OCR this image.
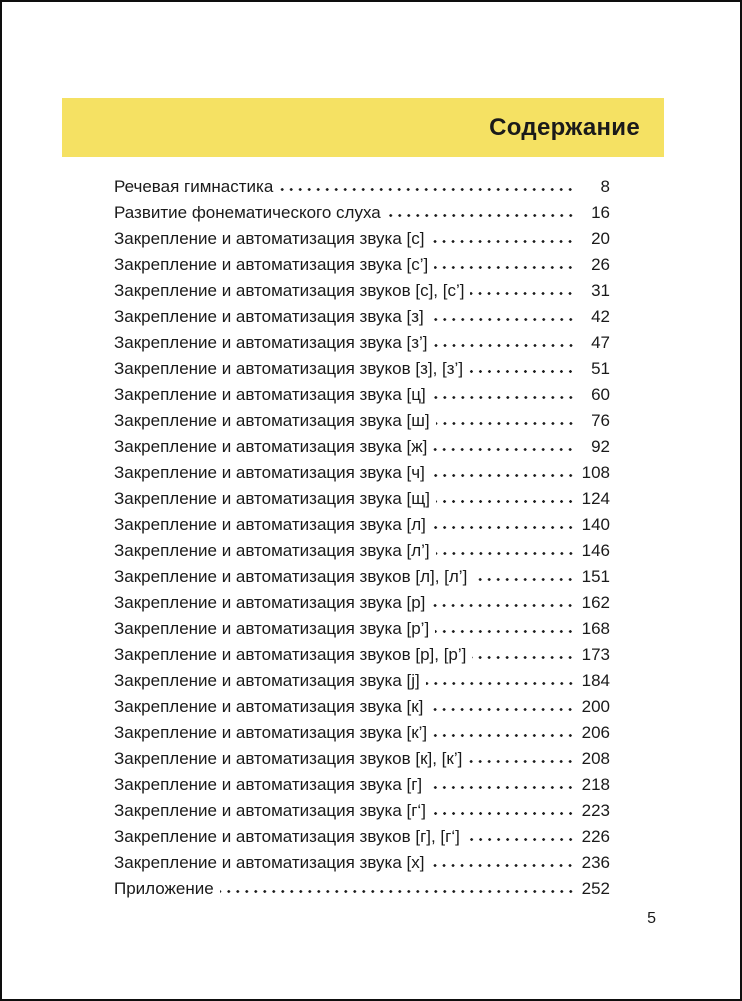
Содержание
Речевая гимнастика	8
Развитие фонематического слуха	16
Закрепление и автоматизация звука [с]	20
Закрепление и автоматизация звука [с’]	26
Закрепление и автоматизация звуков [с], [с’]	31
Закрепление и автоматизация звука [з]	42
Закрепление и автоматизация звука [з’]	47
Закрепление и автоматизация звуков [з], [з’]	51
Закрепление и автоматизация звука [ц]	60
Закрепление и автоматизация звука [ш]	76
Закрепление и автоматизация звука [ж]	92
Закрепление и автоматизация звука [ч]	108
Закрепление и автоматизация звука [щ]	124
Закрепление и автоматизация звука [л]	140
Закрепление и автоматизация звука [л’]	146
Закрепление и автоматизация звуков [л], [л’]	151
Закрепление и автоматизация звука [р]	162
Закрепление и автоматизация звука [р’]	168
Закрепление и автоматизация звуков [р], [р’]	173
Закрепление и автоматизация звука [j]	184
Закрепление и автоматизация звука [к]	200
Закрепление и автоматизация звука [к’]	206
Закрепление и автоматизация звуков [к], [к’]	208
Закрепление и автоматизация звука [г]	218
Закрепление и автоматизация звука [г‘]	223
Закрепление и автоматизация звуков [г], [г‘]	226
Закрепление и автоматизация звука [х]	236
Приложение	252
5
